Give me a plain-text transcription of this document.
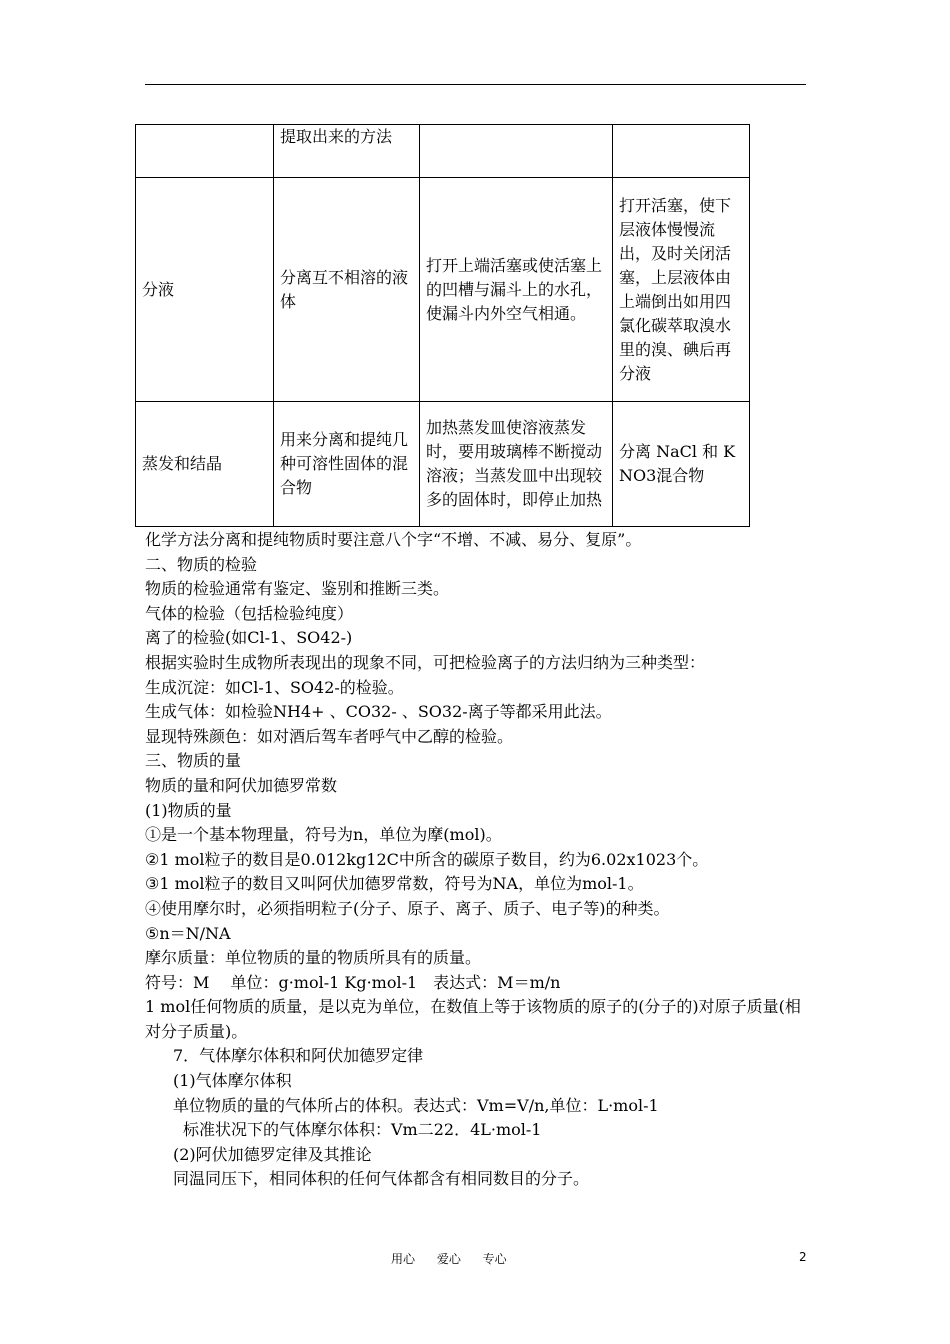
	提取出来的方法		
分液	分离互不相溶的液体	打开上端活塞或使活塞上的凹槽与漏斗上的水孔，使漏斗内外空气相通。	打开活塞，使下层液体慢慢流出，及时关闭活塞，上层液体由上端倒出如用四氯化碳萃取溴水里的溴、碘后再分液
蒸发和结晶	用来分离和提纯几种可溶性固体的混合物	加热蒸发皿使溶液蒸发时，要用玻璃棒不断搅动溶液；当蒸发皿中出现较多的固体时，即停止加热	分离 NaCl 和 KNO3混合物
化学方法分离和提纯物质时要注意八个字“不增、不减、易分、复原”。
二、物质的检验
物质的检验通常有鉴定、鉴别和推断三类。
气体的检验（包括检验纯度）
离了的检验(如Cl-1、SO42-)
根据实验时生成物所表现出的现象不同，可把检验离子的方法归纳为三种类型：
生成沉淀：如Cl-1、SO42-的检验。
生成气体：如检验NH4+ 、CO32- 、SO32-离子等都采用此法。
显现特殊颜色：如对酒后驾车者呼气中乙醇的检验。
三、物质的量
物质的量和阿伏加德罗常数
(1)物质的量
①是一个基本物理量，符号为n，单位为摩(mol)。
②1 mol粒子的数目是0.012kg12C中所含的碳原子数目，约为6.02x1023个。
③1 mol粒子的数目又叫阿伏加德罗常数，符号为NA，单位为mol-1。
④使用摩尔时，必须指明粒子(分子、原子、离子、质子、电子等)的种类。
⑤n＝N/NA
摩尔质量：单位物质的量的物质所具有的质量。
符号：M　 单位：g·mol-1 Kg·mol-1　表达式：M＝m/n
1 mol任何物质的质量，是以克为单位，在数值上等于该物质的原子的(分子的)对原子质量(相对分子质量)。
7．气体摩尔体积和阿伏加德罗定律
(1)气体摩尔体积
单位物质的量的气体所占的体积。表达式：Vm=V/n,单位：L·mol-1
标准状况下的气体摩尔体积：Vm二22．4L·mol-1
(2)阿伏加德罗定律及其推论
同温同压下，相同体积的任何气体都含有相同数目的分子。
用心 爱心 专心	2
